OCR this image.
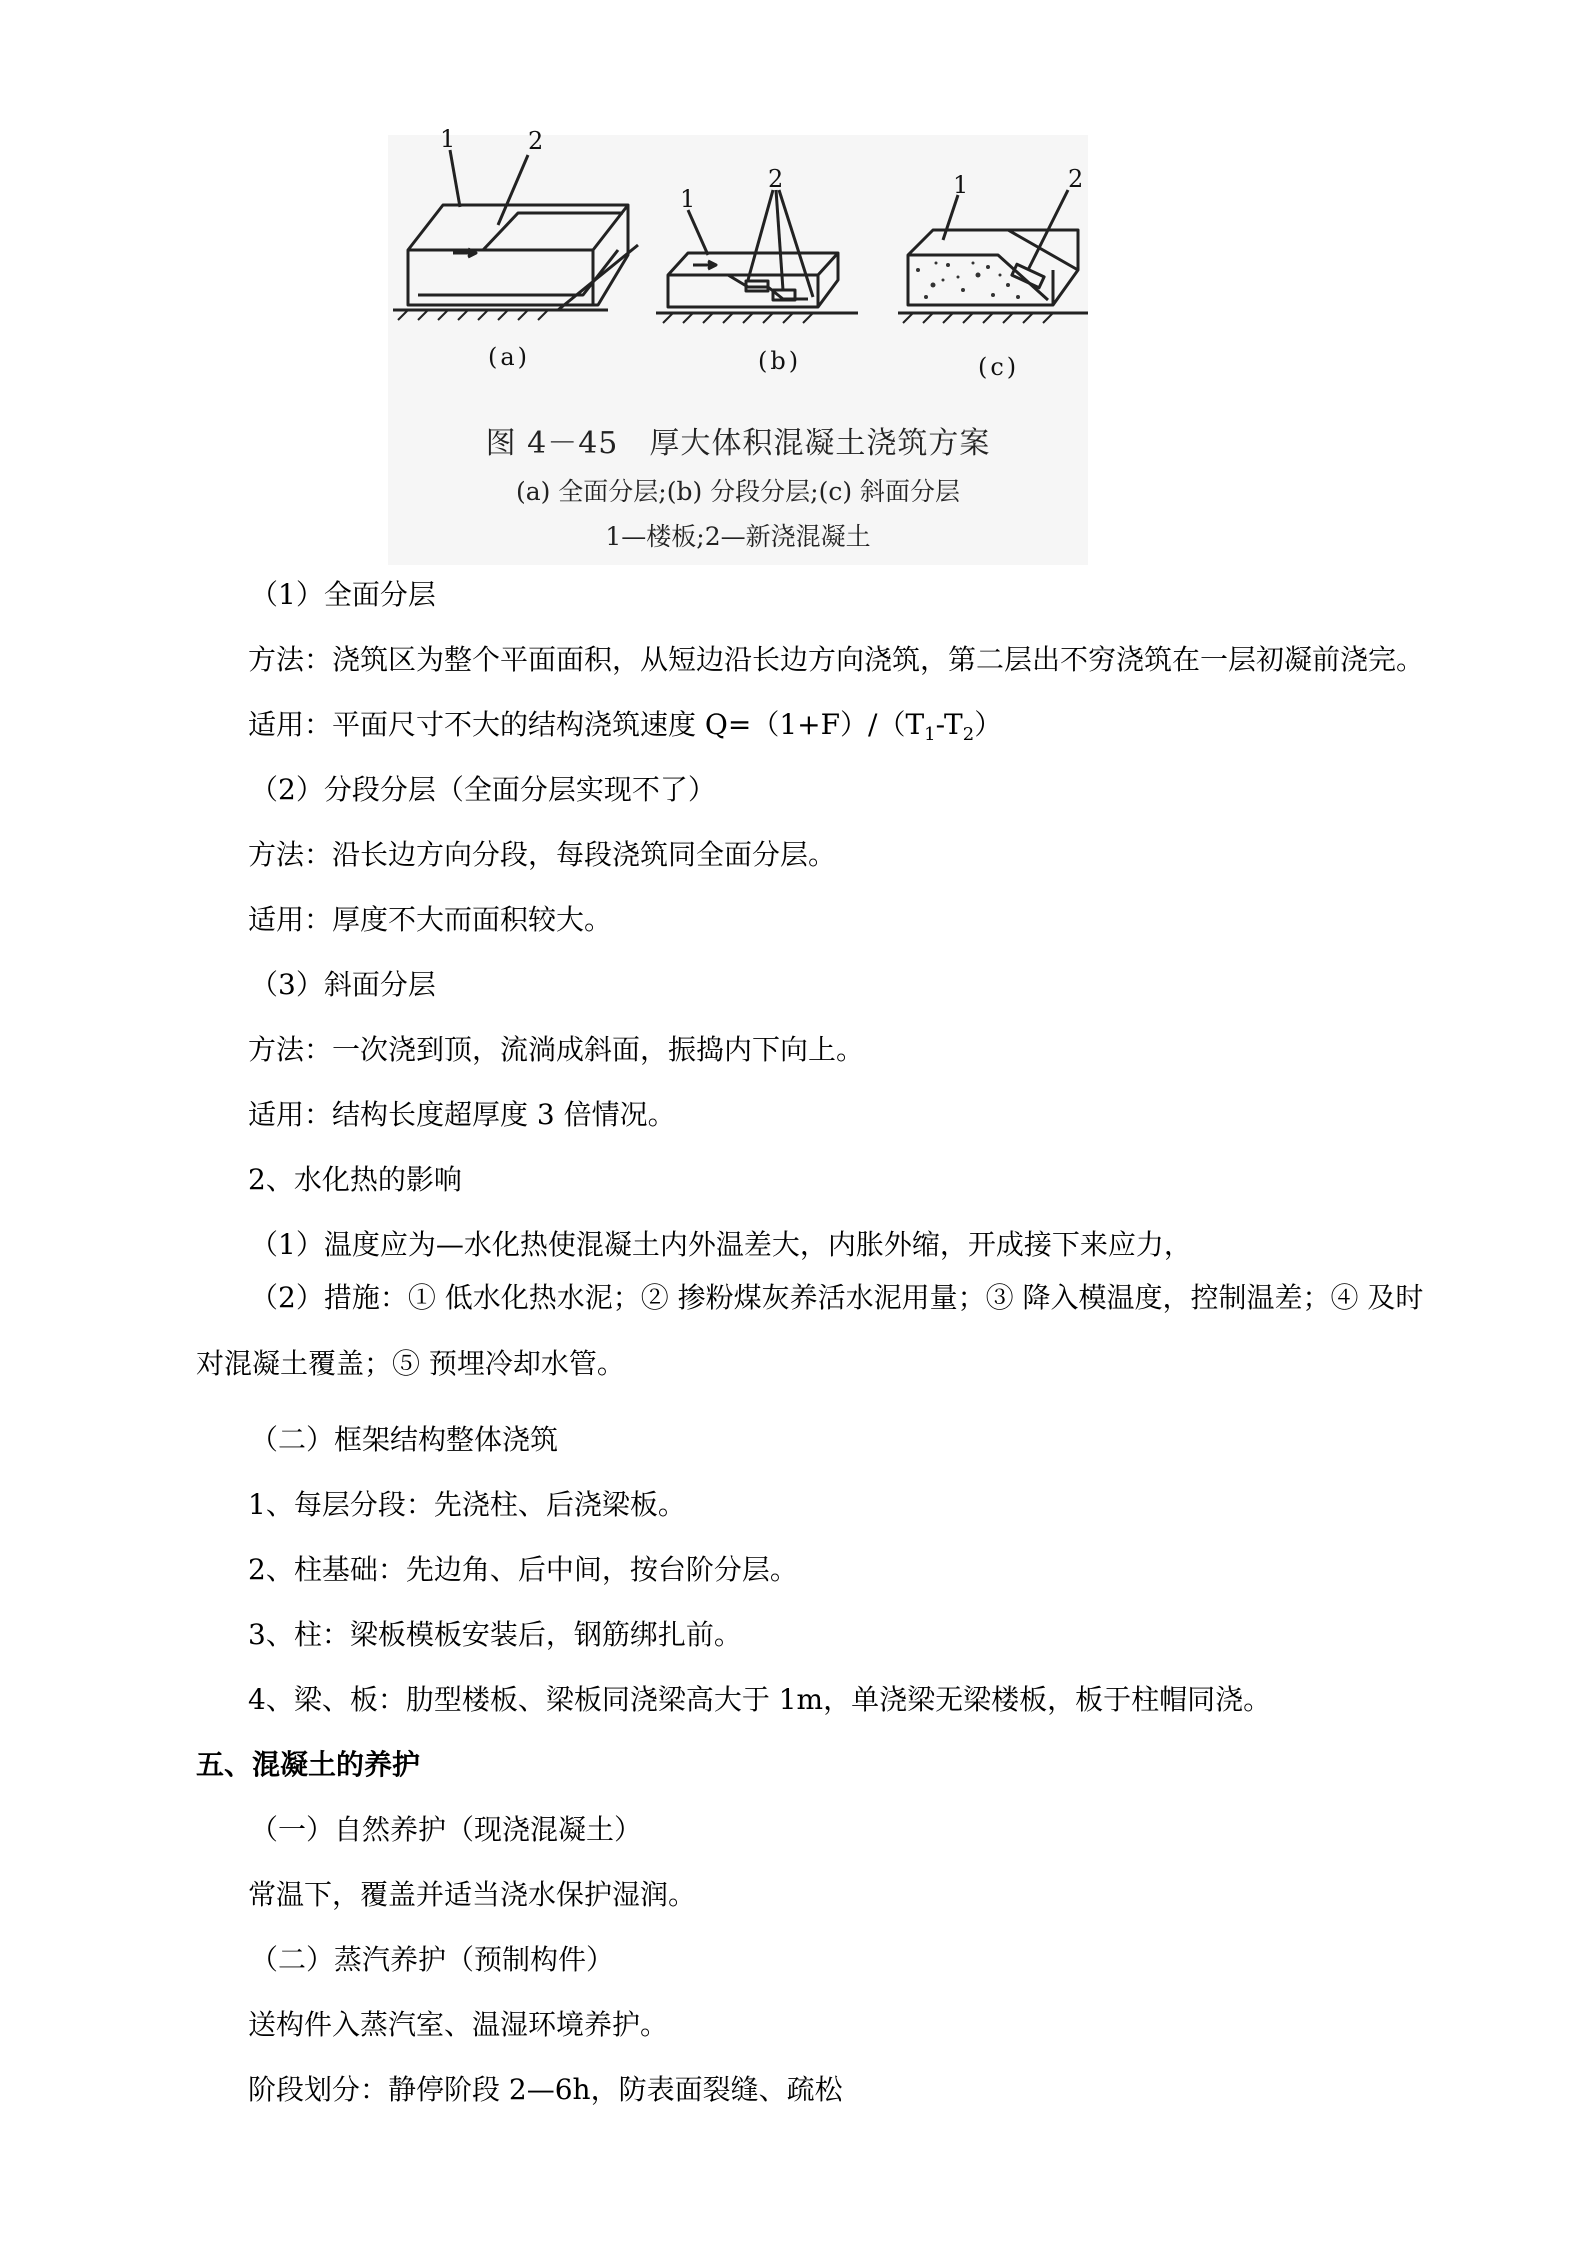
1	2
1
2	1	2
(a)	(b)	(c)
图 4－45　厚大体积混凝土浇筑方案
(a) 全面分层;(b) 分段分层;(c) 斜面分层
1—楼板;2—新浇混凝土
（1）全面分层
方法：浇筑区为整个平面面积，从短边沿长边方向浇筑，第二层出不穷浇筑在一层初凝前浇完。
适用：平面尺寸不大的结构浇筑速度 $Q=(1+F)/(T_1-T_2)$
（2）分段分层（全面分层实现不了）
方法：沿长边方向分段，每段浇筑同全面分层。
适用：厚度不大而面积较大。
（3）斜面分层
方法：一次浇到顶，流淌成斜面，振捣内下向上。
适用：结构长度超厚度 3 倍情况。
2、水化热的影响
（1）温度应为—水化热使混凝土内外温差大，内胀外缩，开成接下来应力，
（2）措施：① 低水化热水泥；② 掺粉煤灰养活水泥用量；③ 降入模温度，控制温差；④ 及时对混凝土覆盖；⑤ 预埋冷却水管。
（二）框架结构整体浇筑
1、每层分段：先浇柱、后浇梁板。
2、柱基础：先边角、后中间，按台阶分层。
3、柱：梁板模板安装后，钢筋绑扎前。
4、梁、板：肋型楼板、梁板同浇梁高大于 1m，单浇梁无梁楼板，板于柱帽同浇。
五、混凝土的养护
（一）自然养护（现浇混凝土）
常温下，覆盖并适当浇水保护湿润。
（二）蒸汽养护（预制构件）
送构件入蒸汽室、温湿环境养护。
阶段划分：静停阶段 2—6h，防表面裂缝、疏松
